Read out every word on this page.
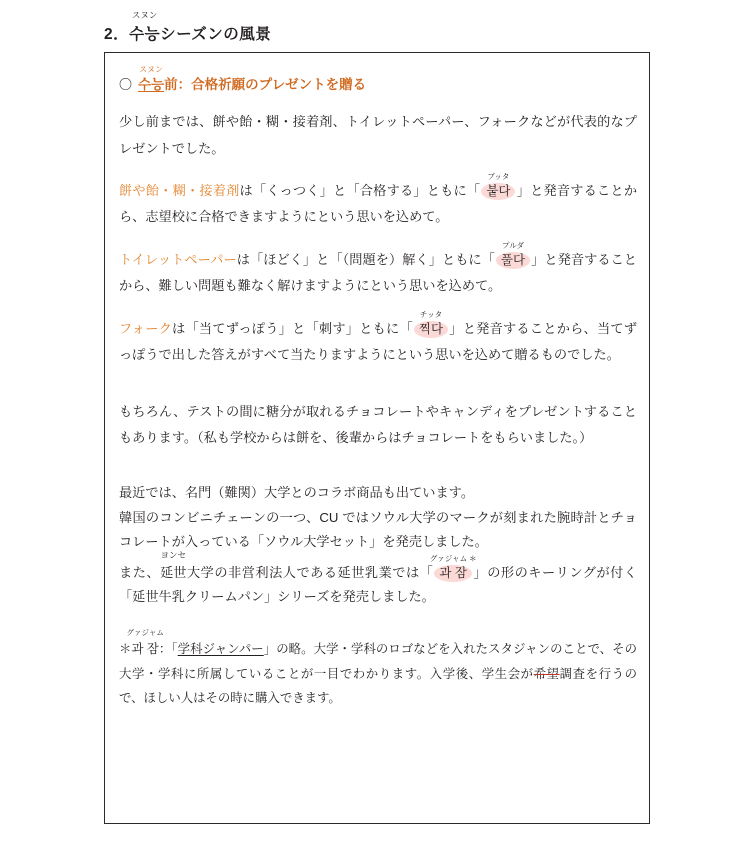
2．
スヌン
수능シーズンの風景
〇
スヌン
수능前：合格祈願のプレゼントを贈る

少し前までは、餅や飴・糊・接着剤、トイレットペーパー、フォークなどが代表的なプレゼントでした。

餅や飴・糊・接着剤は「くっつく」と「合格する」ともに「
ブッタ
붙다 」と発音することから、志望校に合格できますようにという思いを込めて。

トイレットペーパーは「ほどく」と「（問題を）解く」ともに「
プルダ
풀다 」と発音することから、難しい問題も難なく解けますようにという思いを込めて。

フォークは「当てずっぽう」と「刺す」ともに「
チッタ
찍다 」と発音することから、当てずっぽうで出した答えがすべて当たりますようにという思いを込めて贈るものでした。

もちろん、テストの間に糖分が取れるチョコレートやキャンディをプレゼントすることもあります。（私も学校からは餅を、後輩からはチョコレートをもらいました。）

最近では、名門（難関）大学とのコラボ商品も出ています。

韓国のコンビニチェーンの一つ、CU ではソウル大学のマークが刻まれた腕時計とチョコレートが入っている「ソウル大学セット」を発売しました。

また、
ヨンセ
延世大学の非営利法人である延世乳業では「
グァジャム ＊
과 잠 」の形のキーリングが付く「延世牛乳クリームパン」シリーズを発売しました。

＊
グァジャム
과 잠：「学科ジャンパー」の略。大学・学科のロゴなどを入れたスタジャンのことで、その大学・学科に所属していることが一目でわかります。入学後、学生会が希望調査を行うので、ほしい人はその時に購入できます。
